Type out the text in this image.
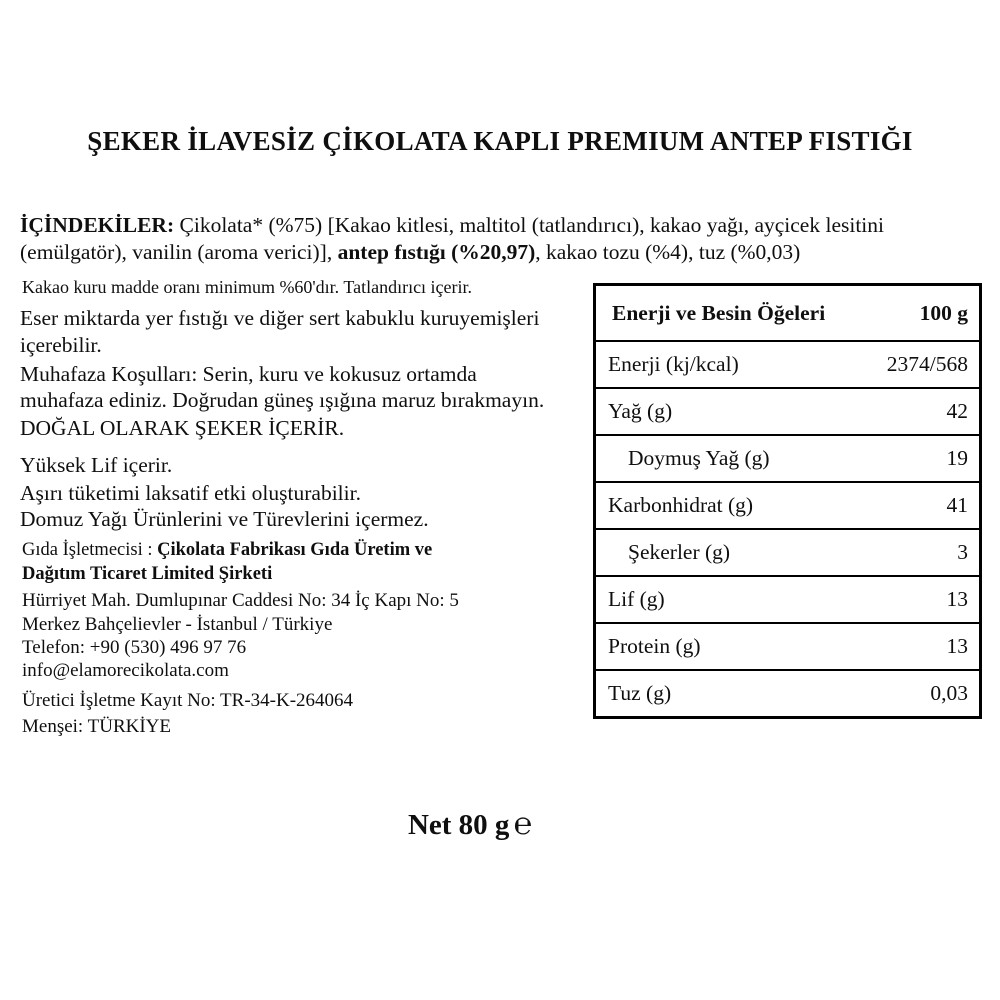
ŞEKER İLAVESİZ ÇİKOLATA KAPLI PREMIUM ANTEP FISTIĞI

İÇİNDEKİLER: Çikolata* (%75) [Kakao kitlesi, maltitol (tatlandırıcı), kakao yağı, ayçicek lesitini
(emülgatör), vanilin (aroma verici)], antep fıstığı (%20,97), kakao tozu (%4), tuz (%0,03)

Kakao kuru madde oranı minimum %60'dır. Tatlandırıcı içerir.

Eser miktarda yer fıstığı ve diğer sert kabuklu kuruyemişleri
içerebilir.

Muhafaza Koşulları: Serin, kuru ve kokusuz ortamda
muhafaza ediniz. Doğrudan güneş ışığına maruz bırakmayın.

DOĞAL OLARAK ŞEKER İÇERİR.

Yüksek Lif içerir.

Aşırı tüketimi laksatif etki oluşturabilir.

Domuz Yağı Ürünlerini ve Türevlerini içermez.

Gıda İşletmecisi : Çikolata Fabrikası Gıda Üretim ve
Dağıtım Ticaret Limited Şirketi

Hürriyet Mah. Dumlupınar Caddesi No: 34 İç Kapı No: 5

Merkez Bahçelievler - İstanbul / Türkiye

Telefon: +90 (530) 496 97 76

info@elamorecikolata.com

Üretici İşletme Kayıt No: TR-34-K-264064

Menşei: TÜRKİYE

Enerji ve Besin Öğeleri	100 g
Enerji (kj/kcal)	2374/568
Yağ (g)	42
Doymuş Yağ (g)	19
Karbonhidrat (g)	41
Şekerler (g)	3
Lif (g)	13
Protein (g)	13
Tuz (g)	0,03

Net 80 g ℮
